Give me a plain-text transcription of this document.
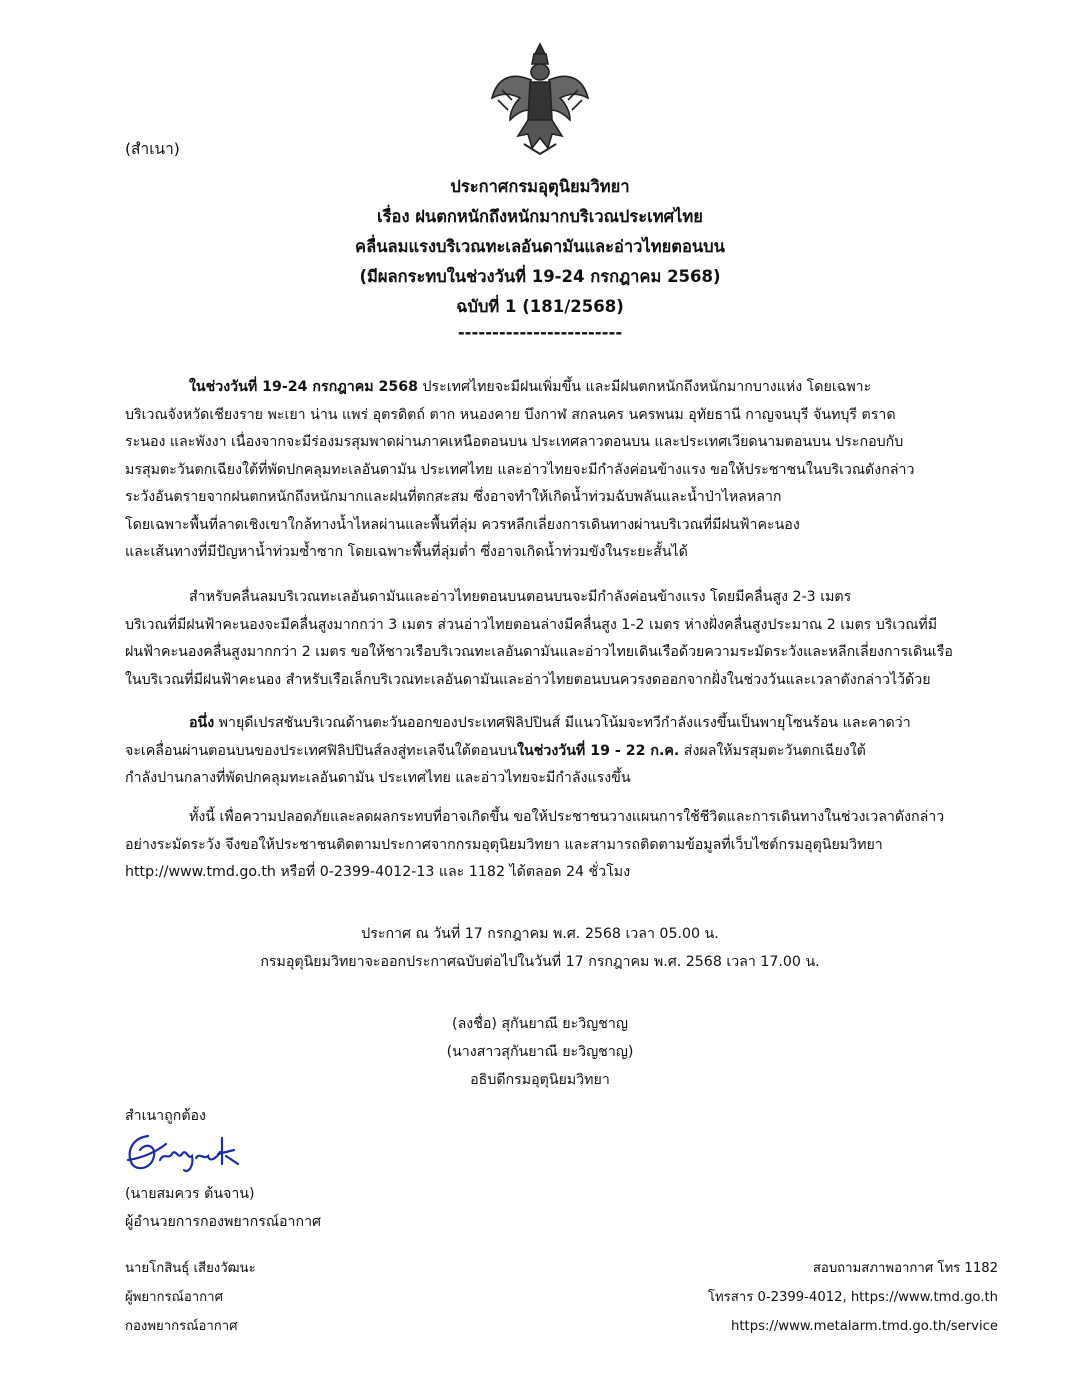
(สำเนา)
ประกาศกรมอุตุนิยมวิทยา
เรื่อง ฝนตกหนักถึงหนักมากบริเวณประเทศไทย
คลื่นลมแรงบริเวณทะเลอันดามันและอ่าวไทยตอนบน
(มีผลกระทบในช่วงวันที่ 19-24 กรกฎาคม 2568)
ฉบับที่ 1 (181/2568)
------------------------
ในช่วงวันที่ 19-24 กรกฎาคม 2568 ประเทศไทยจะมีฝนเพิ่มขึ้น และมีฝนตกหนักถึงหนักมากบางแห่ง โดยเฉพาะ
บริเวณจังหวัดเชียงราย พะเยา น่าน แพร่ อุตรดิตถ์ ตาก หนองคาย บึงกาฬ สกลนคร นครพนม อุทัยธานี กาญจนบุรี จันทบุรี ตราด
ระนอง และพังงา เนื่องจากจะมีร่องมรสุมพาดผ่านภาคเหนือตอนบน ประเทศลาวตอนบน และประเทศเวียดนามตอนบน ประกอบกับ
มรสุมตะวันตกเฉียงใต้ที่พัดปกคลุมทะเลอันดามัน ประเทศไทย และอ่าวไทยจะมีกำลังค่อนข้างแรง ขอให้ประชาชนในบริเวณดังกล่าว
ระวังอันตรายจากฝนตกหนักถึงหนักมากและฝนที่ตกสะสม ซึ่งอาจทำให้เกิดน้ำท่วมฉับพลันและน้ำป่าไหลหลาก
โดยเฉพาะพื้นที่ลาดเชิงเขาใกล้ทางน้ำไหลผ่านและพื้นที่ลุ่ม ควรหลีกเลี่ยงการเดินทางผ่านบริเวณที่มีฝนฟ้าคะนอง
และเส้นทางที่มีปัญหาน้ำท่วมซ้ำซาก โดยเฉพาะพื้นที่ลุ่มต่ำ ซึ่งอาจเกิดน้ำท่วมขังในระยะสั้นได้
สำหรับคลื่นลมบริเวณทะเลอันดามันและอ่าวไทยตอนบนตอนบนจะมีกำลังค่อนข้างแรง โดยมีคลื่นสูง 2-3 เมตร
บริเวณที่มีฝนฟ้าคะนองจะมีคลื่นสูงมากกว่า 3 เมตร ส่วนอ่าวไทยตอนล่างมีคลื่นสูง 1-2 เมตร ห่างฝั่งคลื่นสูงประมาณ 2 เมตร บริเวณที่มี
ฝนฟ้าคะนองคลื่นสูงมากกว่า 2 เมตร ขอให้ชาวเรือบริเวณทะเลอันดามันและอ่าวไทยเดินเรือด้วยความระมัดระวังและหลีกเลี่ยงการเดินเรือ
ในบริเวณที่มีฝนฟ้าคะนอง สำหรับเรือเล็กบริเวณทะเลอันดามันและอ่าวไทยตอนบนควรงดออกจากฝั่งในช่วงวันและเวลาดังกล่าวไว้ด้วย
อนึ่ง พายุดีเปรสชันบริเวณด้านตะวันออกของประเทศฟิลิปปินส์ มีแนวโน้มจะทวีกำลังแรงขึ้นเป็นพายุโซนร้อน และคาดว่า
จะเคลื่อนผ่านตอนบนของประเทศฟิลิปปินส์ลงสู่ทะเลจีนใต้ตอนบนในช่วงวันที่ 19 - 22 ก.ค. ส่งผลให้มรสุมตะวันตกเฉียงใต้
กำลังปานกลางที่พัดปกคลุมทะเลอันดามัน ประเทศไทย และอ่าวไทยจะมีกำลังแรงขึ้น
ทั้งนี้ เพื่อความปลอดภัยและลดผลกระทบที่อาจเกิดขึ้น ขอให้ประชาชนวางแผนการใช้ชีวิตและการเดินทางในช่วงเวลาดังกล่าว
อย่างระมัดระวัง จึงขอให้ประชาชนติดตามประกาศจากกรมอุตุนิยมวิทยา และสามารถติดตามข้อมูลที่เว็บไซต์กรมอุตุนิยมวิทยา
http://www.tmd.go.th หรือที่ 0-2399-4012-13 และ 1182 ได้ตลอด 24 ชั่วโมง
ประกาศ ณ วันที่ 17 กรกฎาคม พ.ศ. 2568 เวลา 05.00 น.
กรมอุตุนิยมวิทยาจะออกประกาศฉบับต่อไปในวันที่ 17 กรกฎาคม พ.ศ. 2568 เวลา 17.00 น.
(ลงชื่อ) สุกันยาณี ยะวิญชาญ
(นางสาวสุกันยาณี ยะวิญชาญ)
อธิบดีกรมอุตุนิยมวิทยา
สำเนาถูกต้อง
(นายสมควร ต้นจาน)
ผู้อำนวยการกองพยากรณ์อากาศ
นายโกสินธุ์ เสียงวัฒนะ
ผู้พยากรณ์อากาศ
กองพยากรณ์อากาศ
สอบถามสภาพอากาศ โทร 1182
โทรสาร 0-2399-4012, https://www.tmd.go.th
https://www.metalarm.tmd.go.th/service
